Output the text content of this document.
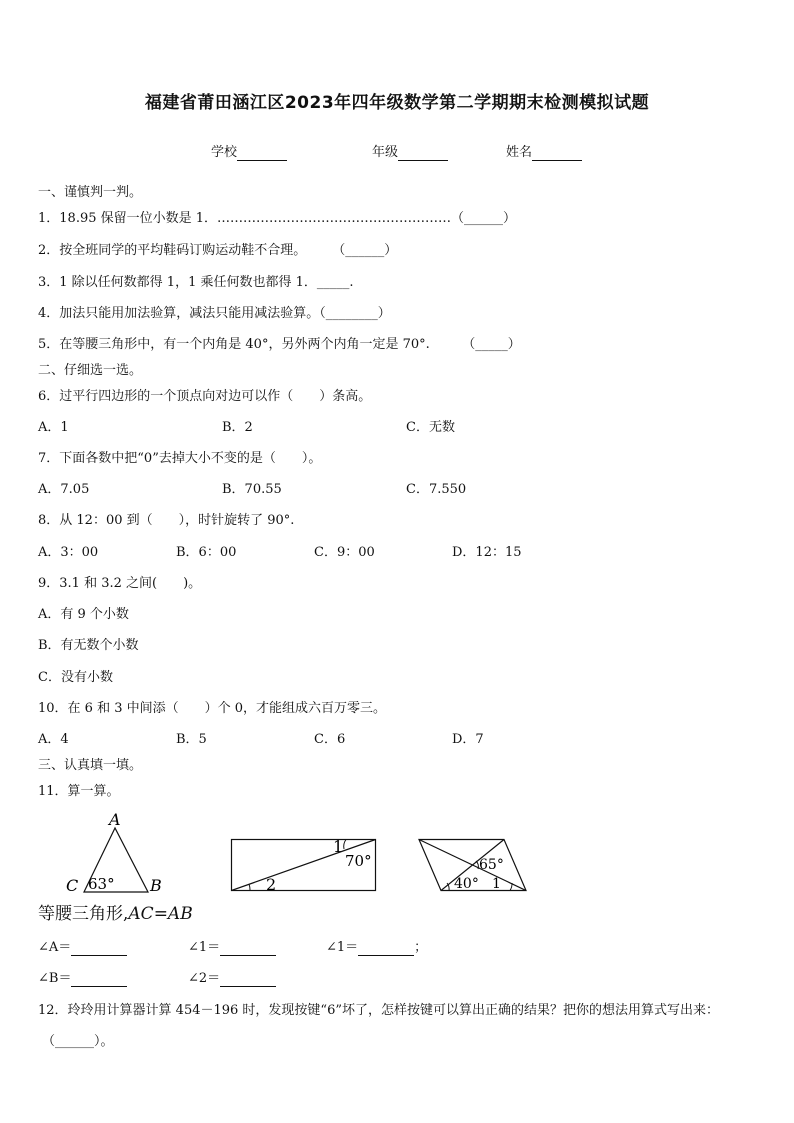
福建省莆田涵江区2023年四年级数学第二学期期末检测模拟试题
学校	年级	姓名
一、谨慎判一判。
1．18.95 保留一位小数是 1．………………………………………………（______）
2．按全班同学的平均鞋码订购运动鞋不合理。　　　（______）
3．1 除以任何数都得 1，1 乘任何数也都得 1．_____.
4．加法只能用加法验算，减法只能用减法验算。（________）
5．在等腰三角形中，有一个内角是 40°，另外两个内角一定是 70°.　　　（_____）
二、仔细选一选。
6．过平行四边形的一个顶点向对边可以作（　　）条高。
A．1	B．2	C．无数
7．下面各数中把“0”去掉大小不变的是（　　）。
A．7.05	B．70.55	C．7.550
8．从 12：00 到（　　），时针旋转了 90°.
A．3：00	B．6：00	C．9：00	D．12：15
9．3.1 和 3.2 之间(　　)。
A．有 9 个小数
B．有无数个小数
C．没有小数
10．在 6 和 3 中间添（　　）个 0，才能组成六百万零三。
A．4	B．5	C．6	D．7
三、认真填一填。
11．算一算。
A
C	B
63°
1
70°
2
65°
40° 1
等腰三角形,AC=AB
∠A＝	∠1＝	∠1＝	；
∠B＝	∠2＝
12．玲玲用计算器计算 454－196 时，发现按键“6”坏了，怎样按键可以算出正确的结果？把你的想法用算式写出来：
（______）。
